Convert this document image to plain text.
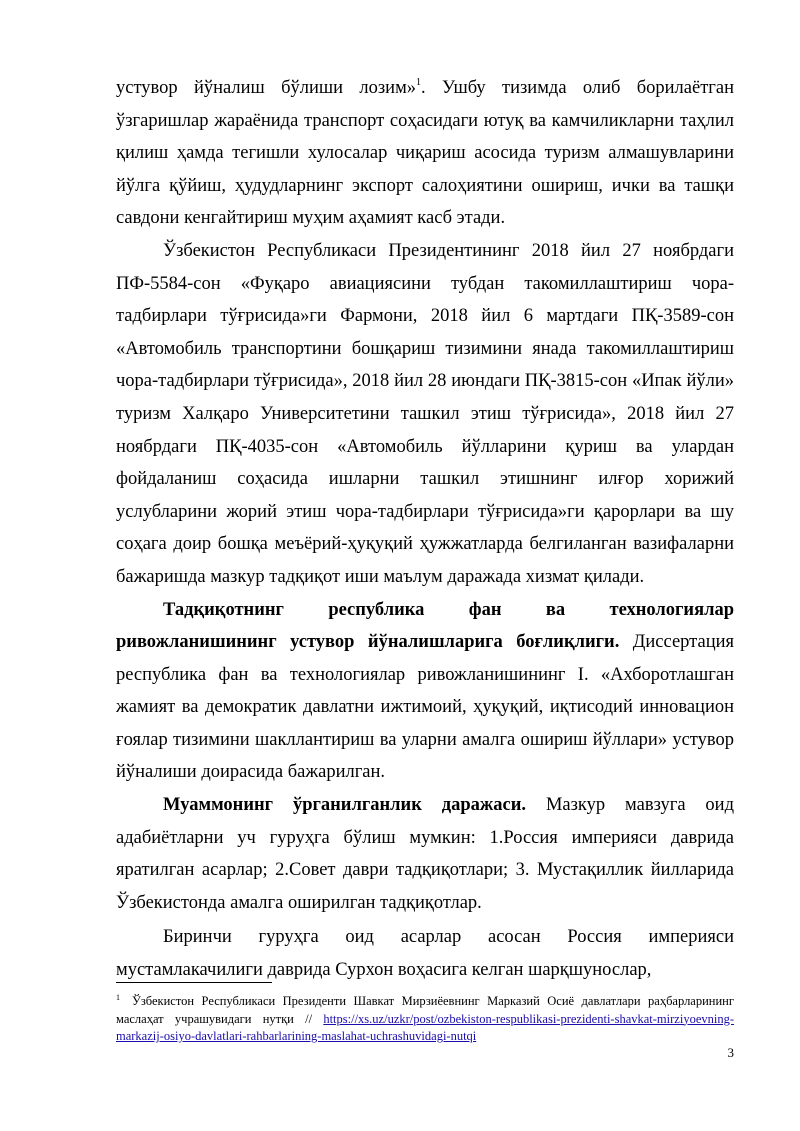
устувор йўналиш бўлиши лозим»$^1$. Ушбу тизимда олиб борилаётган ўзгаришлар жараёнида транспорт соҳасидаги ютуқ ва камчиликларни таҳлил қилиш ҳамда тегишли хулосалар чиқариш асосида туризм алмашувларини йўлга қўйиш, ҳудудларнинг экспорт салоҳиятини ошириш, ички ва ташқи савдони кенгайтириш муҳим аҳамият касб этади.

Ўзбекистон Республикаси Президентининг 2018 йил 27 ноябрдаги ПФ-5584-сон «Фуқаро авиациясини тубдан такомиллаштириш чора-тадбирлари тўғрисида»ги Фармони, 2018 йил 6 мартдаги ПҚ-3589-сон «Автомобиль транспортини бошқариш тизимини янада такомиллаштириш чора-тадбирлари тўғрисида», 2018 йил 28 июндаги ПҚ-3815-сон «Ипак йўли» туризм Халқаро Университетини ташкил этиш тўғрисида», 2018 йил 27 ноябрдаги ПҚ-4035-сон «Автомобиль йўлларини қуриш ва улардан фойдаланиш соҳасида ишларни ташкил этишнинг илғор хорижий услубларини жорий этиш чора-тадбирлари тўғрисида»ги қарорлари ва шу соҳага доир бошқа меъёрий-ҳуқуқий ҳужжатларда белгиланган вазифаларни бажаришда мазкур тадқиқот иши маълум даражада хизмат қилади.

Тадқиқотнинг республика фан ва технологиялар ривожланишининг устувор йўналишларига боғлиқлиги. Диссертация республика фан ва технологиялар ривожланишининг I. «Ахборотлашган жамият ва демократик давлатни ижтимоий, ҳуқуқий, иқтисодий инновацион ғоялар тизимини шакллантириш ва уларни амалга ошириш йўллари» устувор йўналиши доирасида бажарилган.

Муаммонинг ўрганилганлик даражаси. Мазкур мавзуга оид адабиётларни уч гуруҳга бўлиш мумкин: 1.Россия империяси даврида яратилган асарлар; 2.Совет даври тадқиқотлари; 3. Мустақиллик йилларида Ўзбекистонда амалга оширилган тадқиқотлар.

Биринчи гуруҳга оид асарлар асосан Россия империяси мустамлакачилиги даврида Сурхон воҳасига келган шарқшунослар,

$^1$ Ўзбекистон Республикаси Президенти Шавкат Мирзиёевнинг Марказий Осиё давлатлари раҳбарларининг маслаҳат учрашувидаги нутқи // https://xs.uz/uzkr/post/ozbekiston-respublikasi-prezidenti-shavkat-mirziyoevning-markazij-osiyo-davlatlari-rahbarlarining-maslahat-uchrashuvidagi-nutqi
3
